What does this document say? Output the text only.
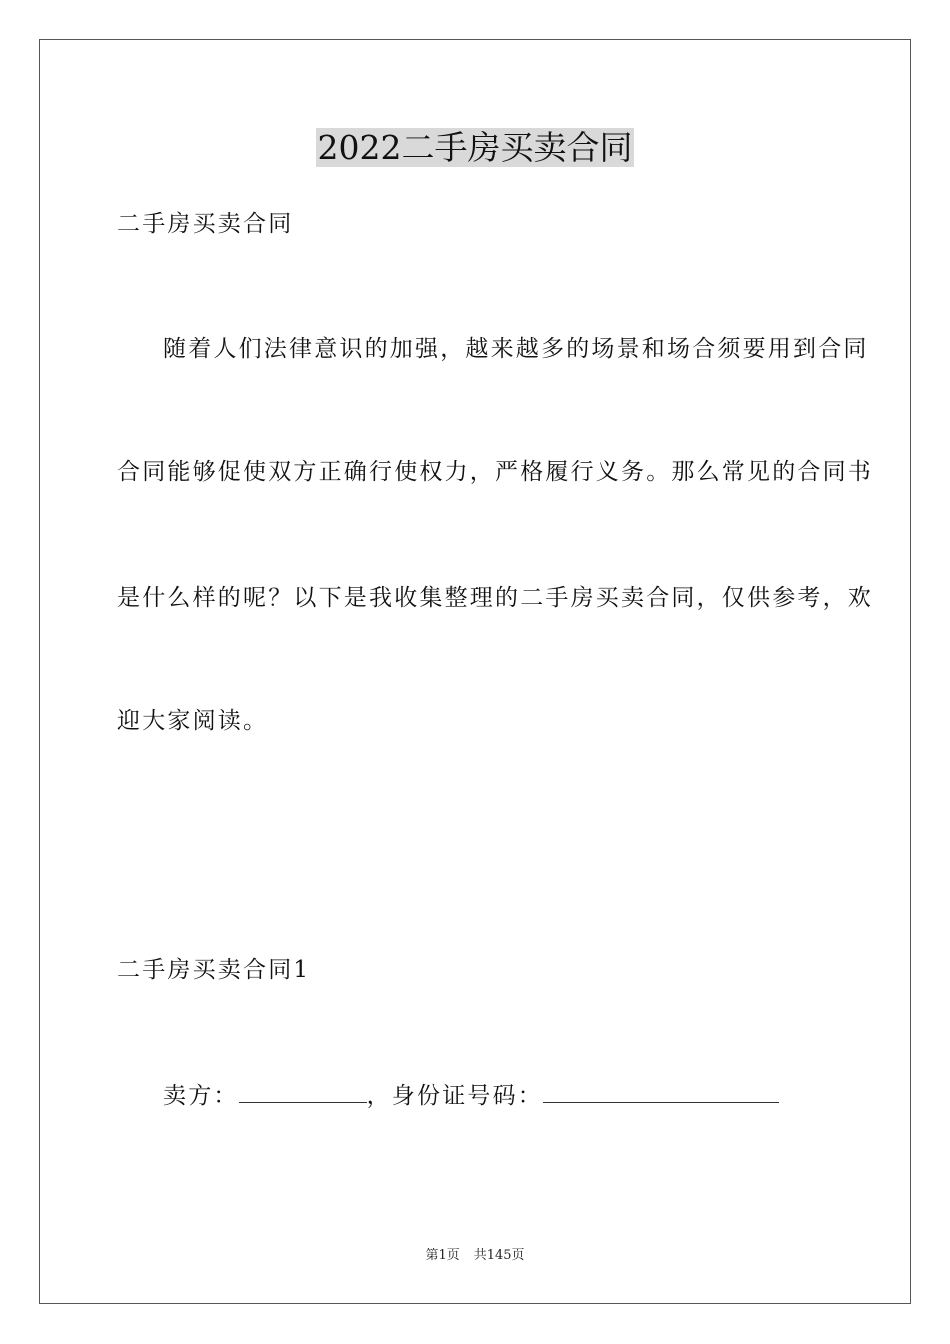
2022二手房买卖合同
二手房买卖合同
随着人们法律意识的加强，越来越多的场景和场合须要用到合同
合同能够促使双方正确行使权力，严格履行义务。那么常见的合同书
是什么样的呢？以下是我收集整理的二手房买卖合同，仅供参考，欢
迎大家阅读。
二手房买卖合同1
卖方：	，身份证号码：
第1页 共145页
